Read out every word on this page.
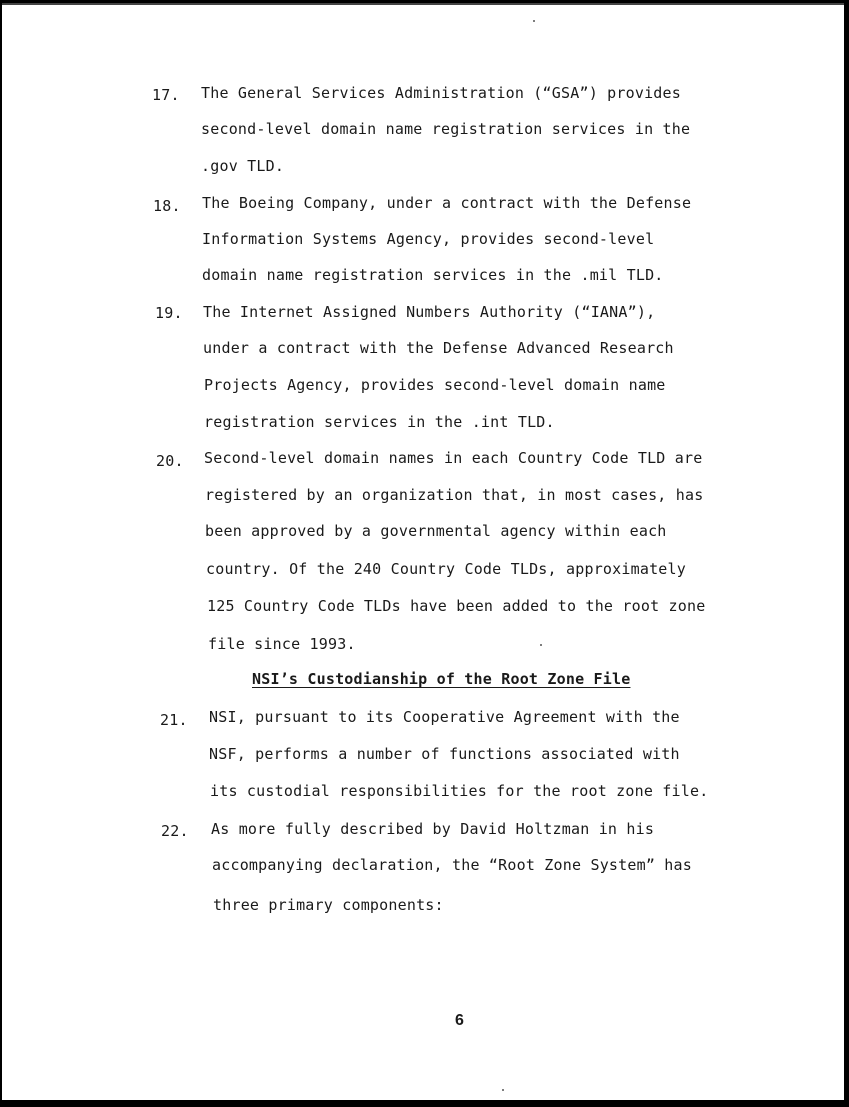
17. The General Services Administration (“GSA”) provides
second-level domain name registration services in the
.gov TLD.
18. The Boeing Company, under a contract with the Defense
Information Systems Agency, provides second-level
domain name registration services in the .mil TLD.
19. The Internet Assigned Numbers Authority (“IANA”),
under a contract with the Defense Advanced Research
Projects Agency, provides second-level domain name
registration services in the .int TLD.
20. Second-level domain names in each Country Code TLD are
registered by an organization that, in most cases, has
been approved by a governmental agency within each
country. Of the 240 Country Code TLDs, approximately
125 Country Code TLDs have been added to the root zone
file since 1993.
NSI’s Custodianship of the Root Zone File
21. NSI, pursuant to its Cooperative Agreement with the
NSF, performs a number of functions associated with
its custodial responsibilities for the root zone file.
22. As more fully described by David Holtzman in his
accompanying declaration, the “Root Zone System” has
three primary components:
6
